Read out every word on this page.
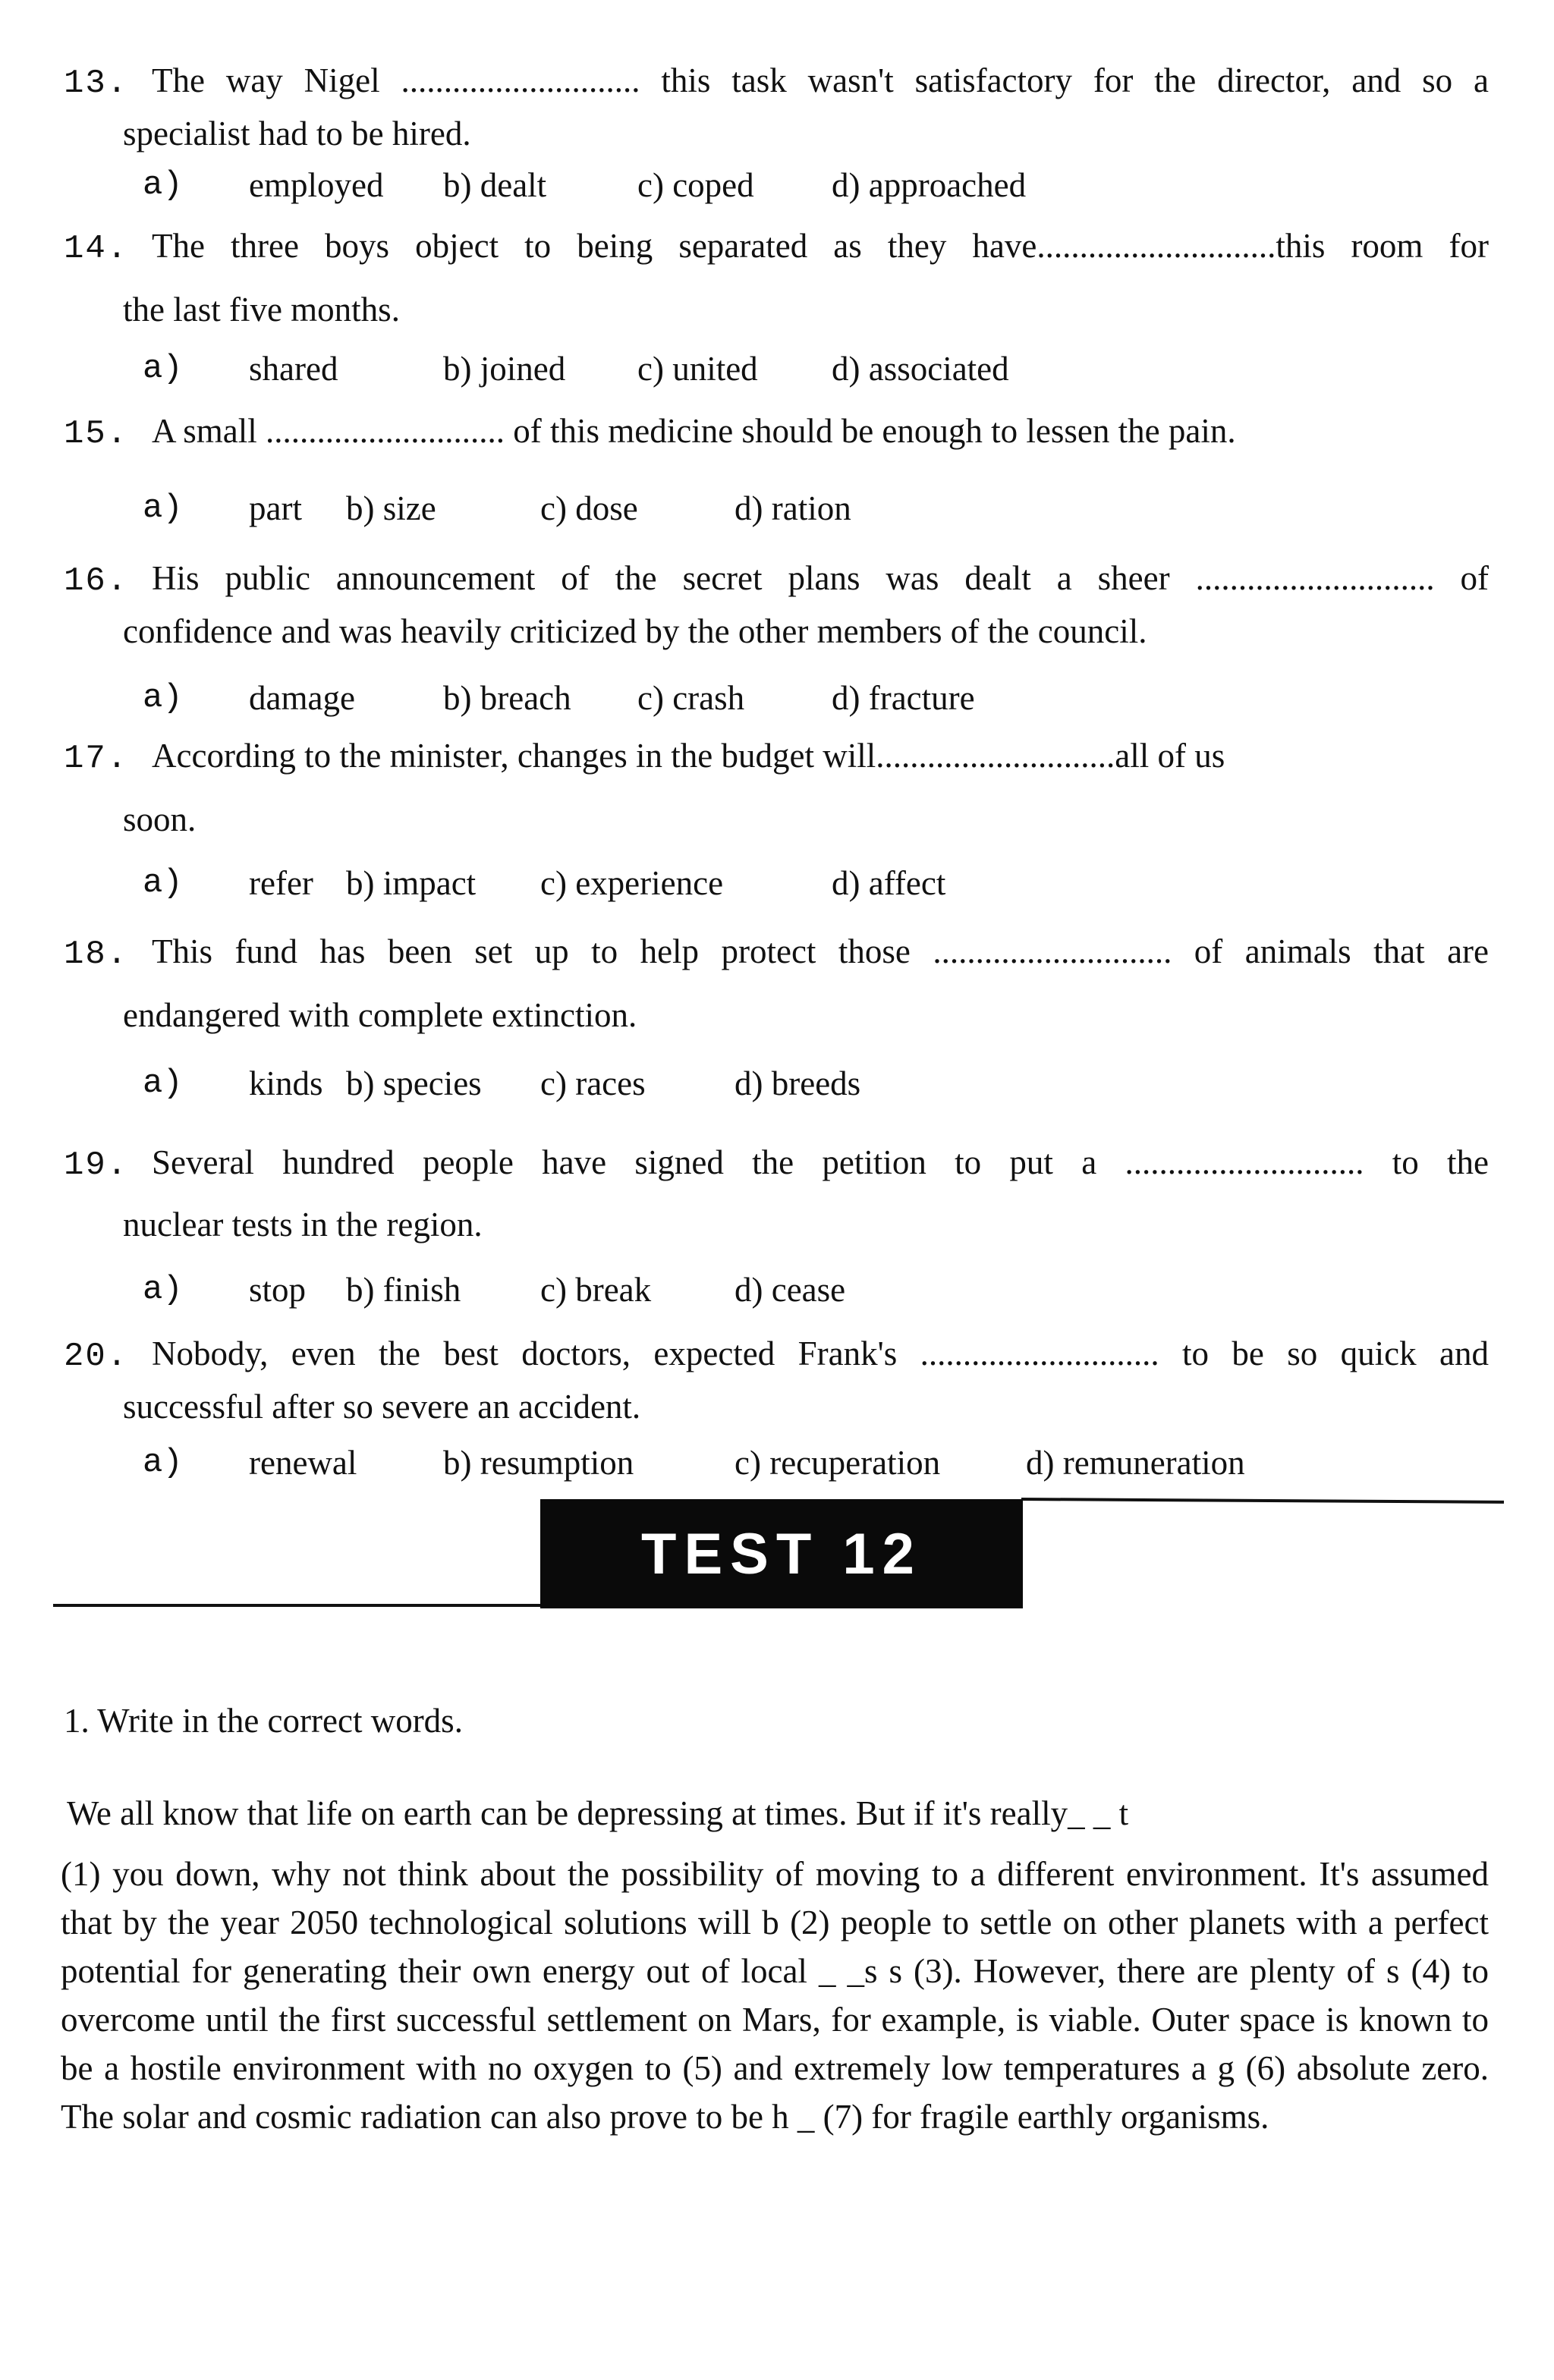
13. The way Nigel ............................ this task wasn't satisfactory for the director, and so a
specialist had to be hired.
a) employed b) dealt	c) coped d) approached
14. The three boys object to being separated as they have............................this room for
the last five months.
a) shared	b) joined c) united d) associated
15. A small ............................ of this medicine should be enough to lessen the pain.
a) part b) size	c) dose	d) ration
16. His public announcement of the secret plans was dealt a sheer ............................ of
confidence and was heavily criticized by the other members of the council.
a) damage	b) breach c) crash	d) fracture
17. According to the minister, changes in the budget will............................all of us
soon.
a) refer b) impact c) experience	d) affect
18. This fund has been set up to help protect those ............................ of animals that are
endangered with complete extinction.
a) kinds b) species c) races	d) breeds
19. Several hundred people have signed the petition to put a ............................ to the
nuclear tests in the region.
a) stop b) finish c) break d) cease
20. Nobody, even the best doctors, expected Frank's ............................ to be so quick and
successful after so severe an accident.
a) renewal	b) resumption	c) recuperation	d) remuneration
TEST 12
1. Write in the correct words.
We all know that life on earth can be depressing at times. But if it's really_ _ t
(1) you down, why not think about the possibility of moving to a different environment. It's assumed that by the year 2050 technological solutions will b (2) people to settle on other planets with a perfect potential for generating their own energy out of local _ _s s (3). However, there are plenty of s (4) to overcome until the first successful settlement on Mars, for example, is viable. Outer space is known to be a hostile environment with no oxygen to (5) and extremely low temperatures a g (6) absolute zero. The solar and cosmic radiation can also prove to be h _ (7) for fragile earthly organisms.
